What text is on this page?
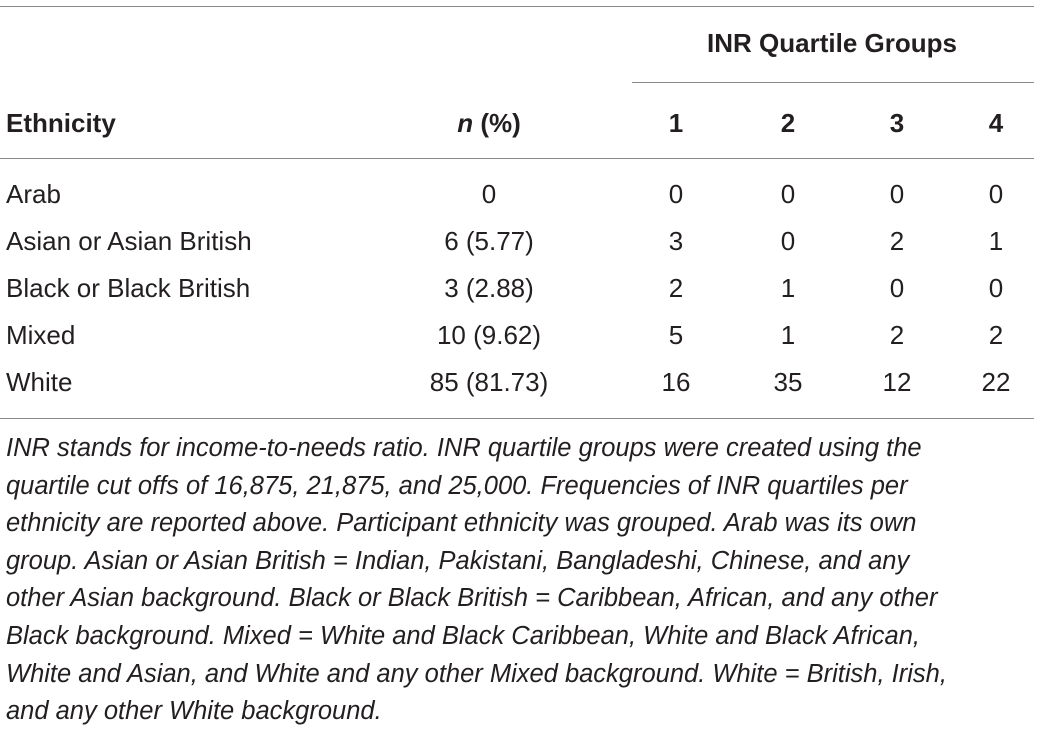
INR Quartile Groups
Ethnicity	n (%)	1	2	3	4
Arab	0	0	0	0	0
Asian or Asian British	6 (5.77)	3	0	2	1
Black or Black British	3 (2.88)	2	1	0	0
Mixed	10 (9.62)	5	1	2	2
White	85 (81.73)	16	35	12	22
INR stands for income-to-needs ratio. INR quartile groups were created using the
quartile cut offs of 16,875, 21,875, and 25,000. Frequencies of INR quartiles per
ethnicity are reported above. Participant ethnicity was grouped. Arab was its own
group. Asian or Asian British = Indian, Pakistani, Bangladeshi, Chinese, and any
other Asian background. Black or Black British = Caribbean, African, and any other
Black background. Mixed = White and Black Caribbean, White and Black African,
White and Asian, and White and any other Mixed background. White = British, Irish,
and any other White background.
